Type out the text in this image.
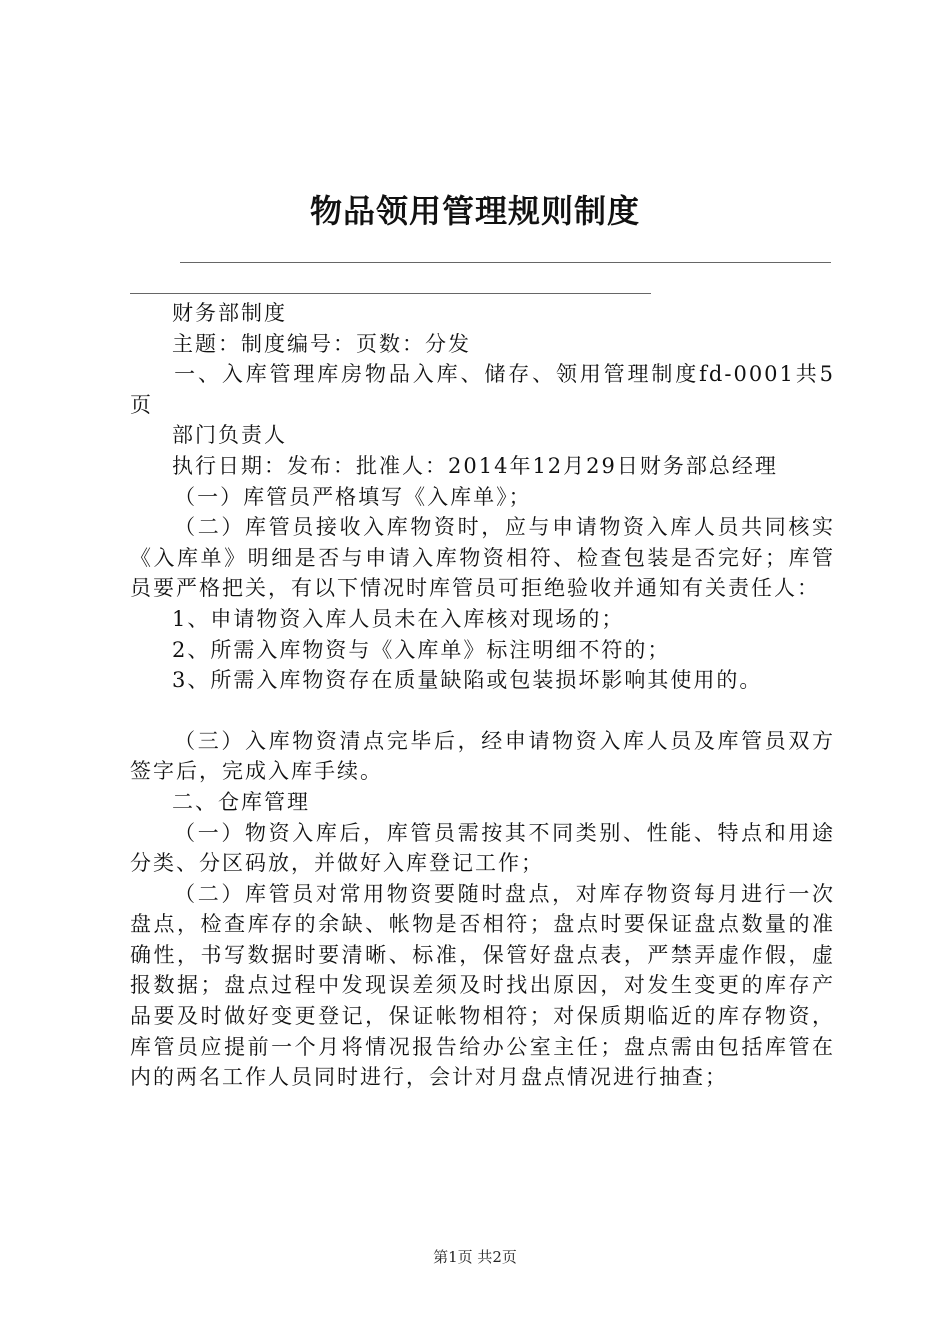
物品领用管理规则制度

财务部制度

主题：制度编号：页数：分发

一、入库管理库房物品入库、储存、领用管理制度fd-0001共5页

部门负责人

执行日期：发布：批准人：2014年12月29日财务部总经理

（一）库管员严格填写《入库单》；

（二）库管员接收入库物资时，应与申请物资入库人员共同核实《入库单》明细是否与申请入库物资相符、检查包装是否完好；库管员要严格把关，有以下情况时库管员可拒绝验收并通知有关责任人：

1、申请物资入库人员未在入库核对现场的；

2、所需入库物资与《入库单》标注明细不符的；

3、所需入库物资存在质量缺陷或包装损坏影响其使用的。

（三）入库物资清点完毕后，经申请物资入库人员及库管员双方签字后，完成入库手续。

二、仓库管理

（一）物资入库后，库管员需按其不同类别、性能、特点和用途分类、分区码放，并做好入库登记工作；

（二）库管员对常用物资要随时盘点，对库存物资每月进行一次盘点，检查库存的余缺、帐物是否相符；盘点时要保证盘点数量的准确性，书写数据时要清晰、标准，保管好盘点表，严禁弄虚作假，虚报数据；盘点过程中发现误差须及时找出原因，对发生变更的库存产品要及时做好变更登记，保证帐物相符；对保质期临近的库存物资，库管员应提前一个月将情况报告给办公室主任；盘点需由包括库管在内的两名工作人员同时进行，会计对月盘点情况进行抽查；

第1页 共2页
